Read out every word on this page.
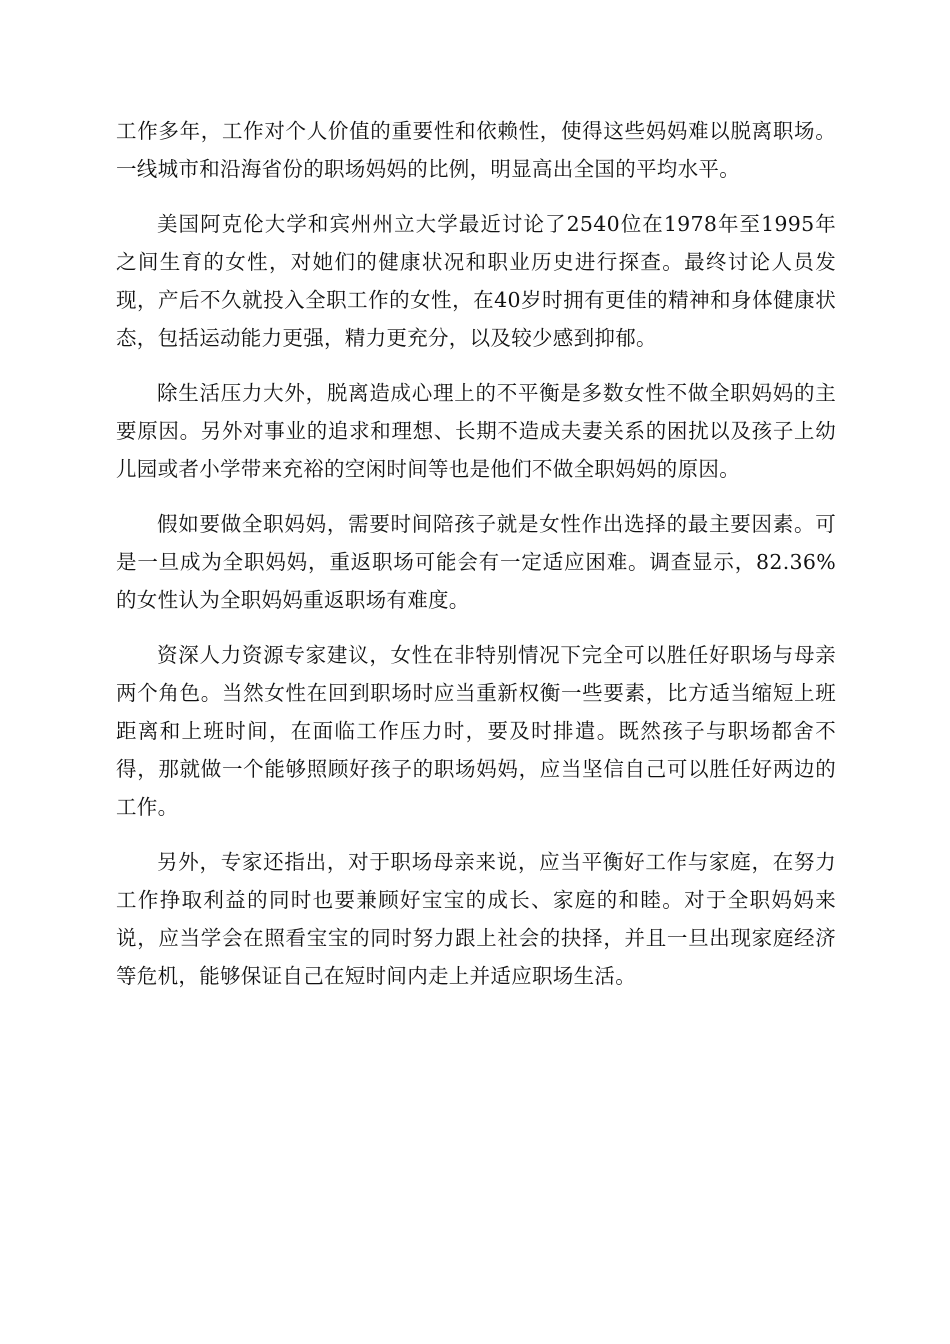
工作多年，工作对个人价值的重要性和依赖性，使得这些妈妈难以脱离职场。一线城市和沿海省份的职场妈妈的比例，明显高出全国的平均水平。

美国阿克伦大学和宾州州立大学最近讨论了2540位在1978年至1995年之间生育的女性，对她们的健康状况和职业历史进行探查。最终讨论人员发现，产后不久就投入全职工作的女性，在40岁时拥有更佳的精神和身体健康状态，包括运动能力更强，精力更充分，以及较少感到抑郁。

除生活压力大外，脱离造成心理上的不平衡是多数女性不做全职妈妈的主要原因。另外对事业的追求和理想、长期不造成夫妻关系的困扰以及孩子上幼儿园或者小学带来充裕的空闲时间等也是他们不做全职妈妈的原因。

假如要做全职妈妈，需要时间陪孩子就是女性作出选择的最主要因素。可是一旦成为全职妈妈，重返职场可能会有一定适应困难。调查显示，82.36%的女性认为全职妈妈重返职场有难度。

资深人力资源专家建议，女性在非特别情况下完全可以胜任好职场与母亲两个角色。当然女性在回到职场时应当重新权衡一些要素，比方适当缩短上班距离和上班时间，在面临工作压力时，要及时排遣。既然孩子与职场都舍不得，那就做一个能够照顾好孩子的职场妈妈，应当坚信自己可以胜任好两边的工作。

另外，专家还指出，对于职场母亲来说，应当平衡好工作与家庭，在努力工作挣取利益的同时也要兼顾好宝宝的成长、家庭的和睦。对于全职妈妈来说，应当学会在照看宝宝的同时努力跟上社会的抉择，并且一旦出现家庭经济等危机，能够保证自己在短时间内走上并适应职场生活。
